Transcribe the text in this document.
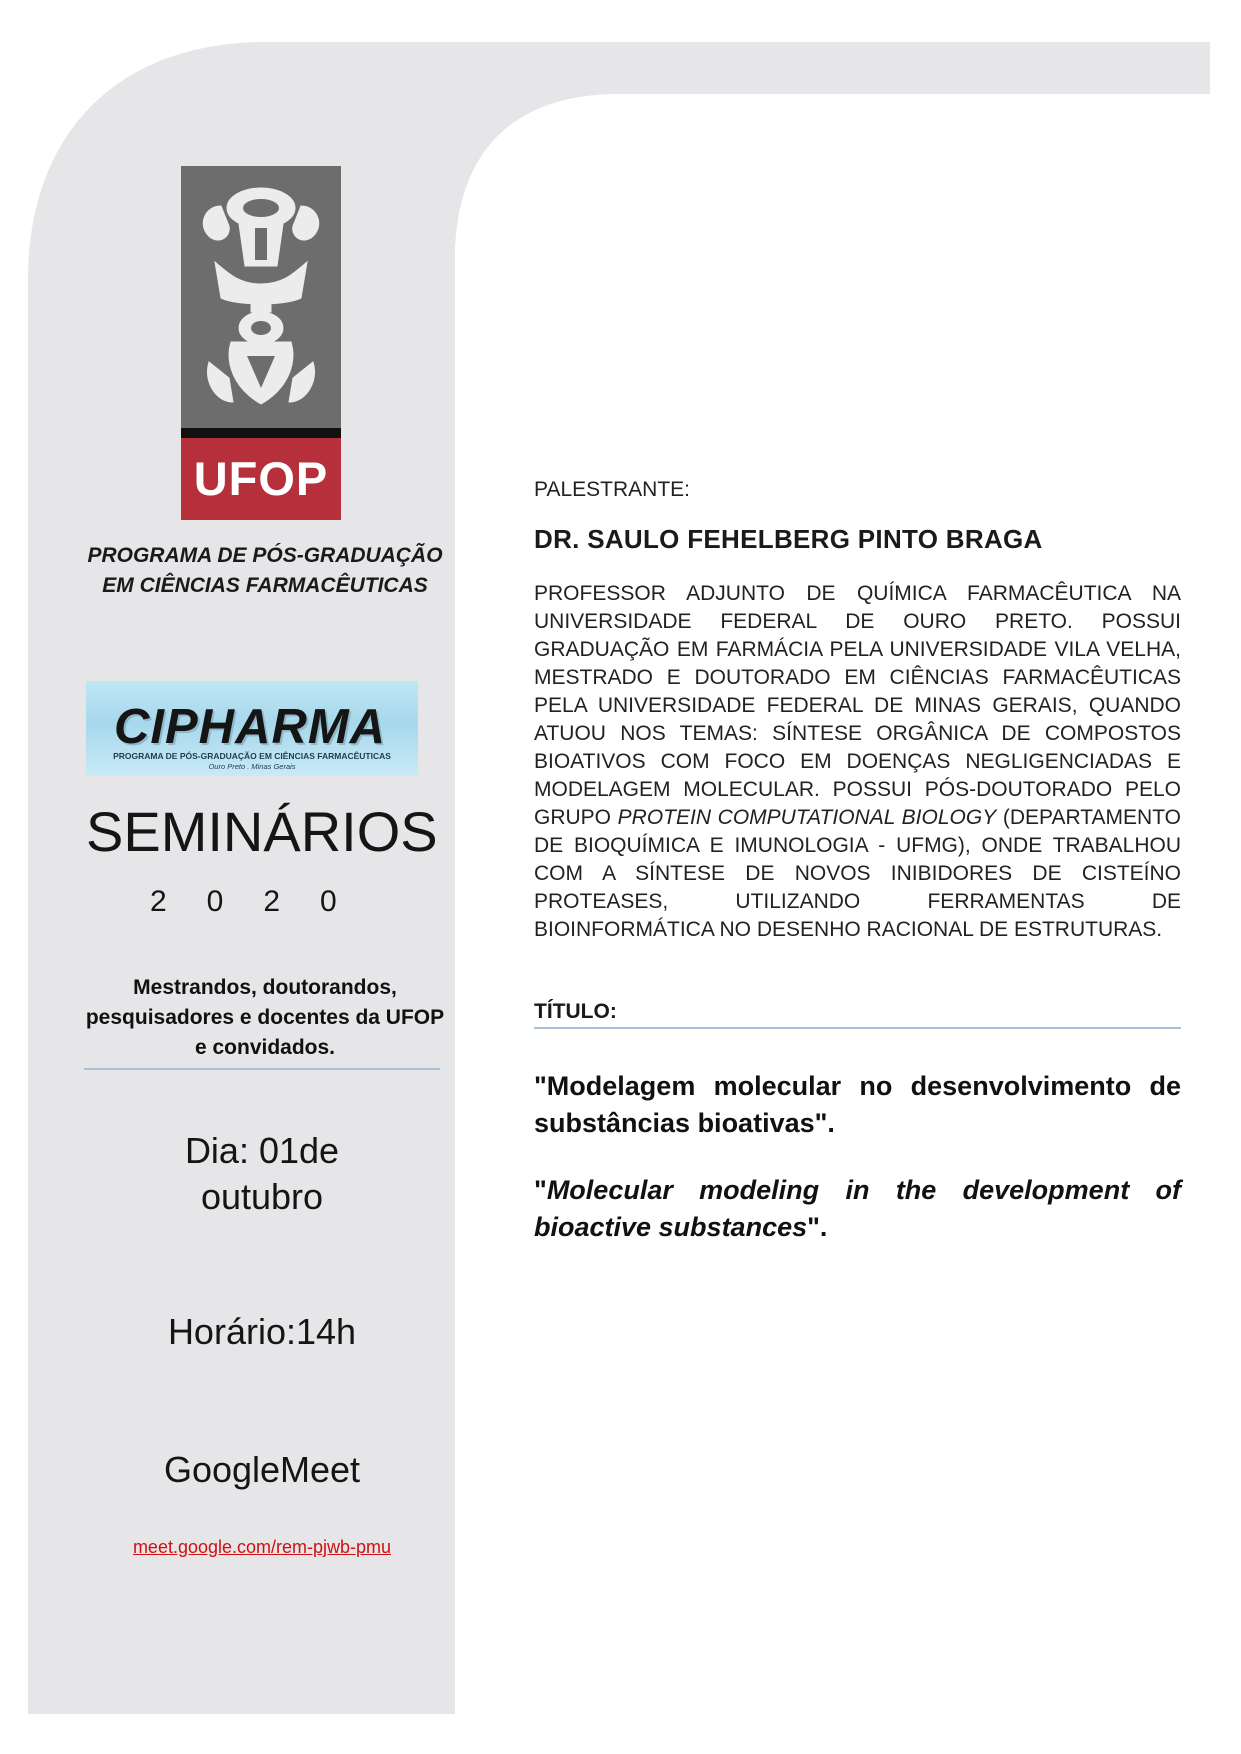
UFOP
PROGRAMA DE PÓS-GRADUAÇÃO EM CIÊNCIAS FARMACÊUTICAS
CIPHARMA
PROGRAMA DE PÓS-GRADUAÇÃO EM CIÊNCIAS FARMACÊUTICAS
Ouro Preto . Minas Gerais
SEMINÁRIOS
2020
Mestrandos, doutorandos, pesquisadores e docentes da UFOP e convidados.
Dia: 01de
outubro
Horário:14h
GoogleMeet
meet.google.com/rem-pjwb-pmu
PALESTRANTE:
DR. SAULO FEHELBERG PINTO BRAGA
PROFESSOR ADJUNTO DE QUÍMICA FARMACÊUTICA NA UNIVERSIDADE FEDERAL DE OURO PRETO. POSSUI GRADUAÇÃO EM FARMÁCIA PELA UNIVERSIDADE VILA VELHA, MESTRADO E DOUTORADO EM CIÊNCIAS FARMACÊUTICAS PELA UNIVERSIDADE FEDERAL DE MINAS GERAIS, QUANDO ATUOU NOS TEMAS: SÍNTESE ORGÂNICA DE COMPOSTOS BIOATIVOS COM FOCO EM DOENÇAS NEGLIGENCIADAS E MODELAGEM MOLECULAR. POSSUI PÓS-DOUTORADO PELO GRUPO PROTEIN COMPUTATIONAL BIOLOGY (DEPARTAMENTO DE BIOQUÍMICA E IMUNOLOGIA - UFMG), ONDE TRABALHOU COM A SÍNTESE DE NOVOS INIBIDORES DE CISTEÍNO PROTEASES, UTILIZANDO FERRAMENTAS DE BIOINFORMÁTICA NO DESENHO RACIONAL DE ESTRUTURAS.
TÍTULO:
"Modelagem molecular no desenvolvimento de substâncias bioativas".
"Molecular modeling in the development of bioactive substances".
